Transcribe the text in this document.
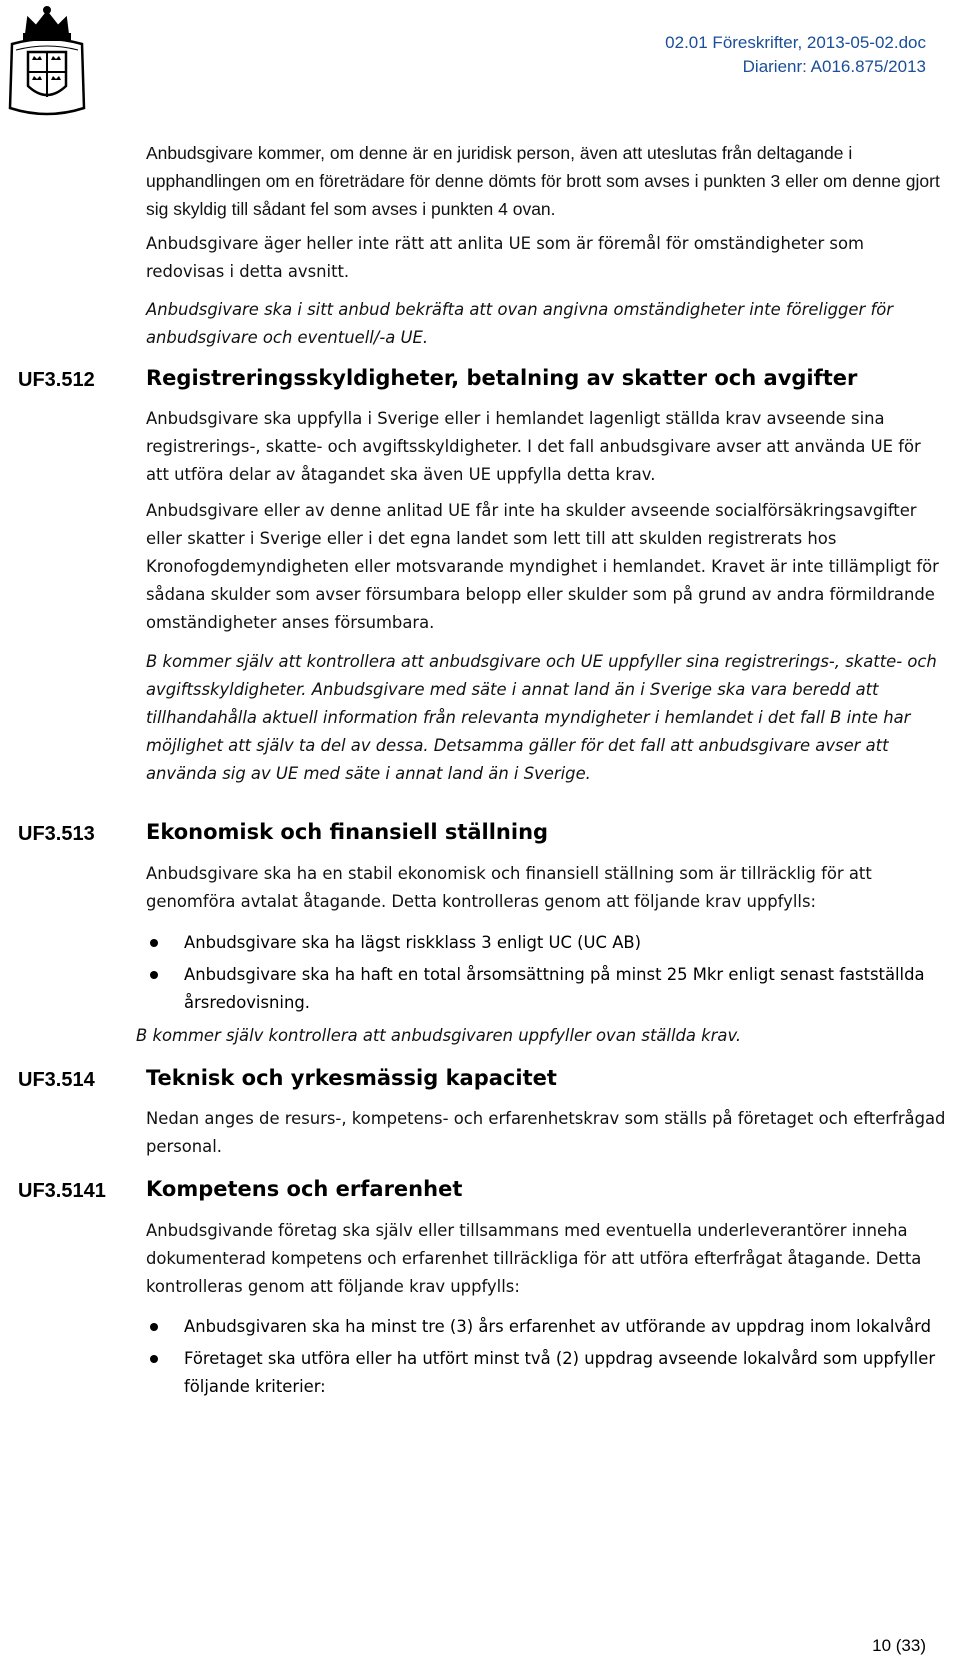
02.01 Föreskrifter, 2013-05-02.doc
Diarienr: A016.875/2013

Anbudsgivare kommer, om denne är en juridisk person, även att uteslutas från deltagande i upphandlingen om en företrädare för denne dömts för brott som avses i punkten 3 eller om denne gjort sig skyldig till sådant fel som avses i punkten 4 ovan.

Anbudsgivare äger heller inte rätt att anlita UE som är föremål för omständigheter som redovisas i detta avsnitt.

Anbudsgivare ska i sitt anbud bekräfta att ovan angivna omständigheter inte föreligger för anbudsgivare och eventuell/-a UE.

UF3.512 Registreringsskyldigheter, betalning av skatter och avgifter

Anbudsgivare ska uppfylla i Sverige eller i hemlandet lagenligt ställda krav avseende sina registrerings-, skatte- och avgiftsskyldigheter. I det fall anbudsgivare avser att använda UE för att utföra delar av åtagandet ska även UE uppfylla detta krav.

Anbudsgivare eller av denne anlitad UE får inte ha skulder avseende socialförsäkringsavgifter eller skatter i Sverige eller i det egna landet som lett till att skulden registrerats hos Kronofogdemyndigheten eller motsvarande myndighet i hemlandet. Kravet är inte tillämpligt för sådana skulder som avser försumbara belopp eller skulder som på grund av andra förmildrande omständigheter anses försumbara.

B kommer själv att kontrollera att anbudsgivare och UE uppfyller sina registrerings-, skatte- och avgiftsskyldigheter. Anbudsgivare med säte i annat land än i Sverige ska vara beredd att tillhandahålla aktuell information från relevanta myndigheter i hemlandet i det fall B inte har möjlighet att själv ta del av dessa. Detsamma gäller för det fall att anbudsgivare avser att använda sig av UE med säte i annat land än i Sverige.

UF3.513 Ekonomisk och finansiell ställning

Anbudsgivare ska ha en stabil ekonomisk och finansiell ställning som är tillräcklig för att genomföra avtalat åtagande. Detta kontrolleras genom att följande krav uppfylls:

Anbudsgivare ska ha lägst riskklass 3 enligt UC (UC AB)
Anbudsgivare ska ha haft en total årsomsättning på minst 25 Mkr enligt senast fastställda årsredovisning.

B kommer själv kontrollera att anbudsgivaren uppfyller ovan ställda krav.

UF3.514 Teknisk och yrkesmässig kapacitet

Nedan anges de resurs-, kompetens- och erfarenhetskrav som ställs på företaget och efterfrågad personal.

UF3.5141 Kompetens och erfarenhet

Anbudsgivande företag ska själv eller tillsammans med eventuella underleverantörer inneha dokumenterad kompetens och erfarenhet tillräckliga för att utföra efterfrågat åtagande. Detta kontrolleras genom att följande krav uppfylls:

Anbudsgivaren ska ha minst tre (3) års erfarenhet av utförande av uppdrag inom lokalvård
Företaget ska utföra eller ha utfört minst två (2) uppdrag avseende lokalvård som uppfyller följande kriterier:
10 (33)
